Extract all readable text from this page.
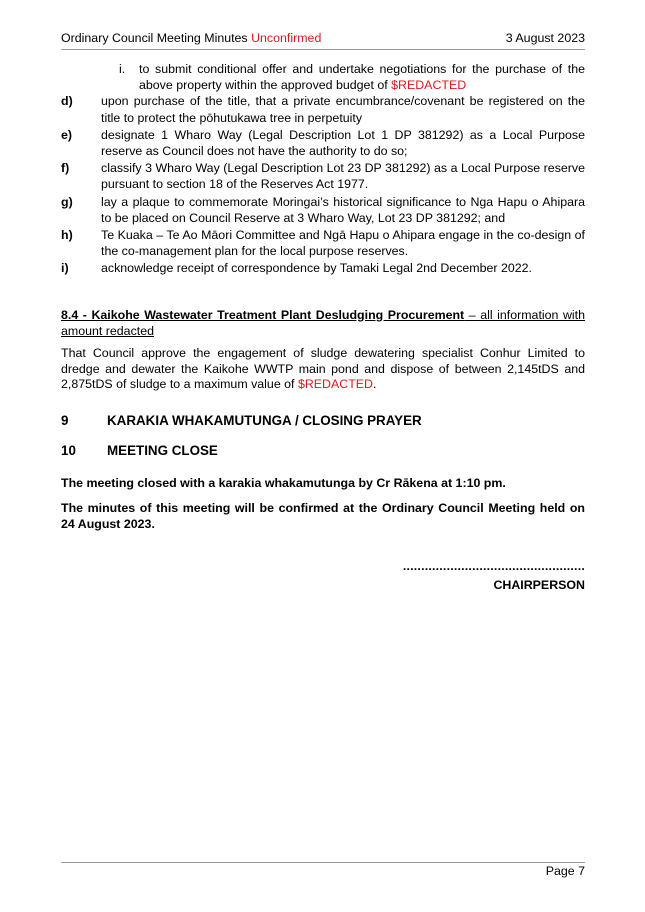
Ordinary Council Meeting Minutes Unconfirmed	3 August 2023
i. to submit conditional offer and undertake negotiations for the purchase of the above property within the approved budget of $REDACTED
d) upon purchase of the title, that a private encumbrance/covenant be registered on the title to protect the pōhutukawa tree in perpetuity
e) designate 1 Wharo Way (Legal Description Lot 1 DP 381292) as a Local Purpose reserve as Council does not have the authority to do so;
f)	classify 3 Wharo Way (Legal Description Lot 23 DP 381292) as a Local Purpose reserve pursuant to section 18 of the Reserves Act 1977.
g) lay a plaque to commemorate Moringai’s historical significance to Nga Hapu o Ahipara to be placed on Council Reserve at 3 Wharo Way, Lot 23 DP 381292; and
h) Te Kuaka – Te Ao Māori Committee and Ngā Hapu o Ahipara engage in the co-design of the co-management plan for the local purpose reserves.
i)	acknowledge receipt of correspondence by Tamaki Legal 2nd December 2022.
8.4 - Kaikohe Wastewater Treatment Plant Desludging Procurement – all information with amount redacted
That Council approve the engagement of sludge dewatering specialist Conhur Limited to dredge and dewater the Kaikohe WWTP main pond and dispose of between 2,145tDS and 2,875tDS of sludge to a maximum value of $REDACTED.
9	KARAKIA WHAKAMUTUNGA / CLOSING PRAYER
10	MEETING CLOSE
The meeting closed with a karakia whakamutunga by Cr Rākena at 1:10 pm.
The minutes of this meeting will be confirmed at the Ordinary Council Meeting held on 24 August 2023.
..................................................
CHAIRPERSON
Page 7
